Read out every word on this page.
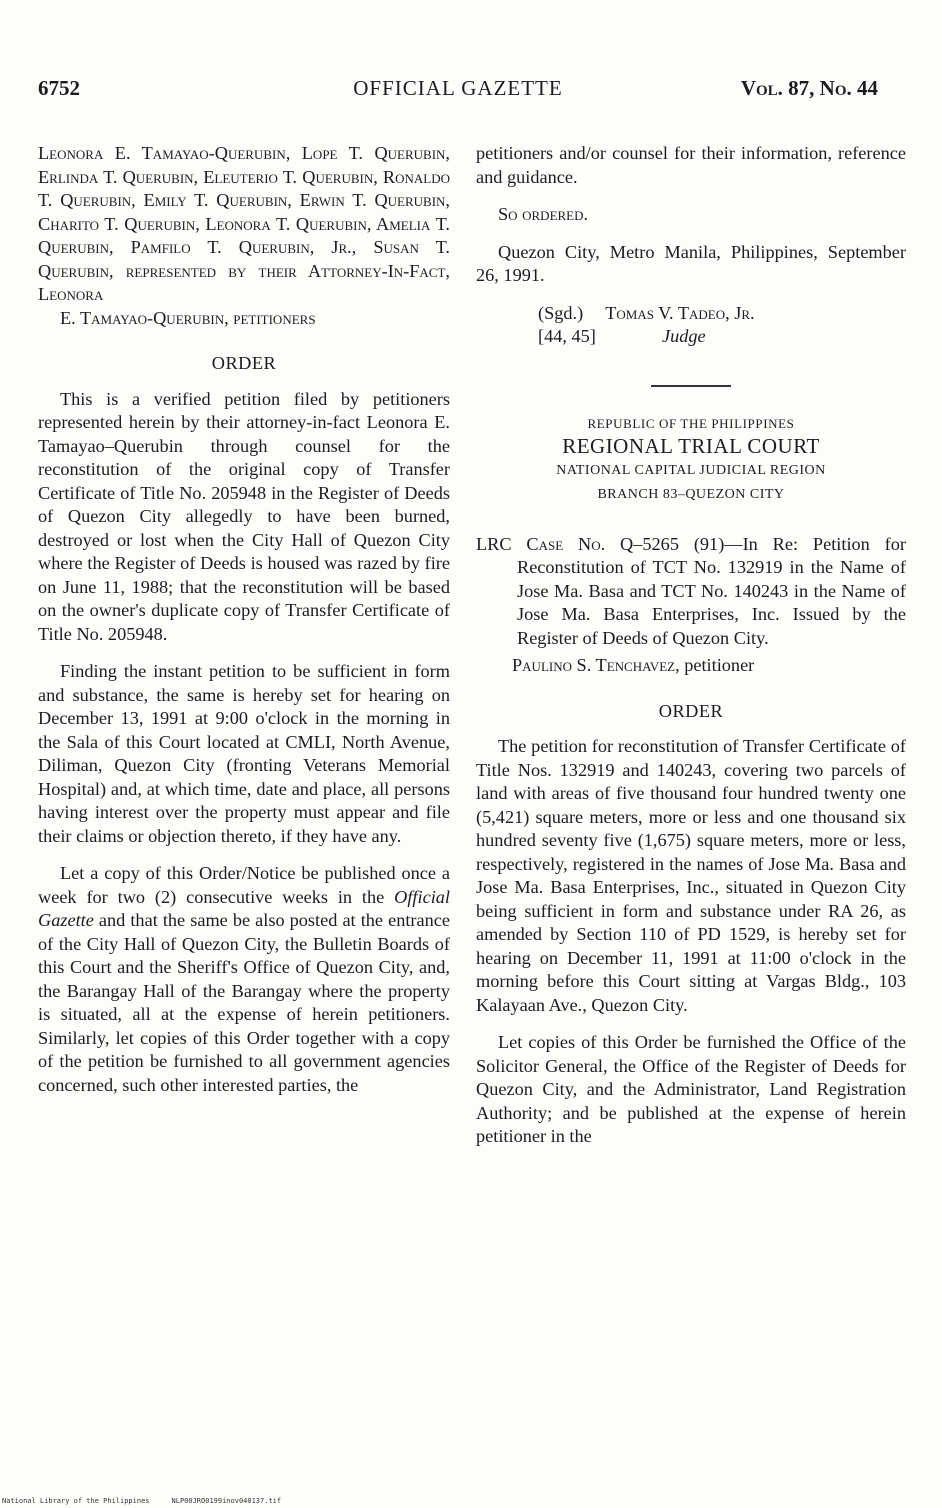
OFFICIAL GAZETTE
6752	Vol. 87, No. 44

Leonora E. Tamayao-Querubin, Lope T. Querubin, Erlinda T. Querubin, Eleuterio T. Querubin, Ronaldo T. Querubin, Emily T. Querubin, Erwin T. Querubin, Charito T. Querubin, Leonora T. Querubin, Amelia T. Querubin, Pamfilo T. Querubin, Jr., Susan T. Querubin, represented by their Attorney-In-Fact, Leonora
E. Tamayao-Querubin, petitioners

ORDER

This is a verified petition filed by petitioners represented herein by their attorney-in-fact Leonora E. Tamayao–Querubin through counsel for the reconstitution of the original copy of Transfer Certificate of Title No. 205948 in the Register of Deeds of Quezon City allegedly to have been burned, destroyed or lost when the City Hall of Quezon City where the Register of Deeds is housed was razed by fire on June 11, 1988; that the reconstitution will be based on the owner's duplicate copy of Transfer Certificate of Title No. 205948.

Finding the instant petition to be sufficient in form and substance, the same is hereby set for hearing on December 13, 1991 at 9:00 o'clock in the morning in the Sala of this Court located at CMLI, North Avenue, Diliman, Quezon City (fronting Veterans Memorial Hospital) and, at which time, date and place, all persons having interest over the property must appear and file their claims or objection thereto, if they have any.

Let a copy of this Order/Notice be published once a week for two (2) consecutive weeks in the Official Gazette and that the same be also posted at the entrance of the City Hall of Quezon City, the Bulletin Boards of this Court and the Sheriff's Office of Quezon City, and, the Barangay Hall of the Barangay where the property is situated, all at the expense of herein petitioners. Similarly, let copies of this Order together with a copy of the petition be furnished to all government agencies concerned, such other interested parties, the

petitioners and/or counsel for their information, reference and guidance.

So ordered.

Quezon City, Metro Manila, Philippines, September 26, 1991.

(Sgd.) Tomas V. Tadeo, Jr.
[44, 45]	Judge
REPUBLIC OF THE PHILIPPINES
REGIONAL TRIAL COURT
NATIONAL CAPITAL JUDICIAL REGION
BRANCH 83–QUEZON CITY

LRC Case No. Q–5265 (91)—In Re: Petition for Reconstitution of TCT No. 132919 in the Name of Jose Ma. Basa and TCT No. 140243 in the Name of Jose Ma. Basa Enterprises, Inc. Issued by the Register of Deeds of Quezon City.

Paulino S. Tenchavez, petitioner

ORDER

The petition for reconstitution of Transfer Certificate of Title Nos. 132919 and 140243, covering two parcels of land with areas of five thousand four hundred twenty one (5,421) square meters, more or less and one thousand six hundred seventy five (1,675) square meters, more or less, respectively, registered in the names of Jose Ma. Basa and Jose Ma. Basa Enterprises, Inc., situated in Quezon City being sufficient in form and substance under RA 26, as amended by Section 110 of PD 1529, is hereby set for hearing on December 11, 1991 at 11:00 o'clock in the morning before this Court sitting at Vargas Bldg., 103 Kalayaan Ave., Quezon City.

Let copies of this Order be furnished the Office of the Solicitor General, the Office of the Register of Deeds for Quezon City, and the Administrator, Land Registration Authority; and be published at the expense of herein petitioner in the

National Library of the Philippines	NLP00JRO0199inov040137.tif
